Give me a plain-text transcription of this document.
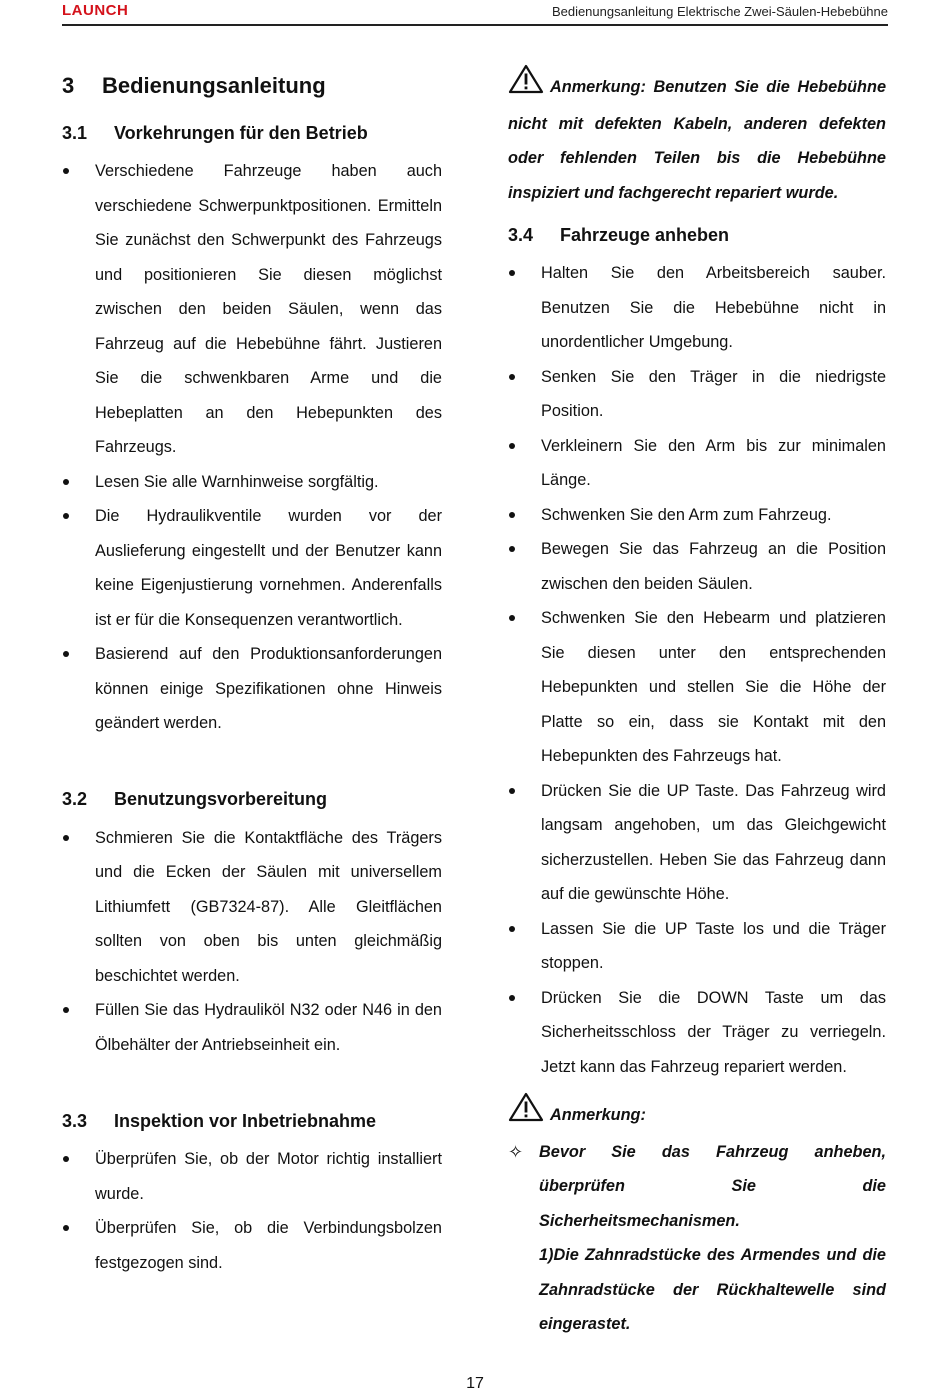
LAUNCH	Bedienungsanleitung Elektrische Zwei-Säulen-Hebebühne
3	Bedienungsanleitung
3.1	Vorkehrungen für den Betrieb
Verschiedene Fahrzeuge haben auch verschiedene Schwerpunktpositionen. Ermitteln Sie zunächst den Schwerpunkt des Fahrzeugs und positionieren Sie diesen möglichst zwischen den beiden Säulen, wenn das Fahrzeug auf die Hebebühne fährt. Justieren Sie die schwenkbaren Arme und die Hebeplatten an den Hebepunkten des Fahrzeugs.
Lesen Sie alle Warnhinweise sorgfältig.
Die Hydraulikventile wurden vor der Auslieferung eingestellt und der Benutzer kann keine Eigenjustierung vornehmen. Anderenfalls ist er für die Konsequenzen verantwortlich.
Basierend auf den Produktionsanforderungen können einige Spezifikationen ohne Hinweis geändert werden.
3.2	Benutzungsvorbereitung
Schmieren Sie die Kontaktfläche des Trägers und die Ecken der Säulen mit universellem Lithiumfett (GB7324-87). Alle Gleitflächen sollten von oben bis unten gleichmäßig beschichtet werden.
Füllen Sie das Hydrauliköl N32 oder N46 in den Ölbehälter der Antriebseinheit ein.
3.3	Inspektion vor Inbetriebnahme
Überprüfen Sie, ob der Motor richtig installiert wurde.
Überprüfen Sie, ob die Verbindungsbolzen festgezogen sind.
Anmerkung: Benutzen Sie die Hebebühne nicht mit defekten Kabeln, anderen defekten oder fehlenden Teilen bis die Hebebühne inspiziert und fachgerecht repariert wurde.
3.4	Fahrzeuge anheben
Halten Sie den Arbeitsbereich sauber. Benutzen Sie die Hebebühne nicht in unordentlicher Umgebung.
Senken Sie den Träger in die niedrigste Position.
Verkleinern Sie den Arm bis zur minimalen Länge.
Schwenken Sie den Arm zum Fahrzeug.
Bewegen Sie das Fahrzeug an die Position zwischen den beiden Säulen.
Schwenken Sie den Hebearm und platzieren Sie diesen unter den entsprechenden Hebepunkten und stellen Sie die Höhe der Platte so ein, dass sie Kontakt mit den Hebepunkten des Fahrzeugs hat.
Drücken Sie die UP Taste. Das Fahrzeug wird langsam angehoben, um das Gleichgewicht sicherzustellen. Heben Sie das Fahrzeug dann auf die gewünschte Höhe.
Lassen Sie die UP Taste los und die Träger stoppen.
Drücken Sie die DOWN Taste um das Sicherheitsschloss der Träger zu verriegeln. Jetzt kann das Fahrzeug repariert werden.
Anmerkung:
✧ Bevor Sie das Fahrzeug anheben, überprüfen Sie die Sicherheitsmechanismen.
1)Die Zahnradstücke des Armendes und die Zahnradstücke der Rückhaltewelle sind eingerastet.
17
